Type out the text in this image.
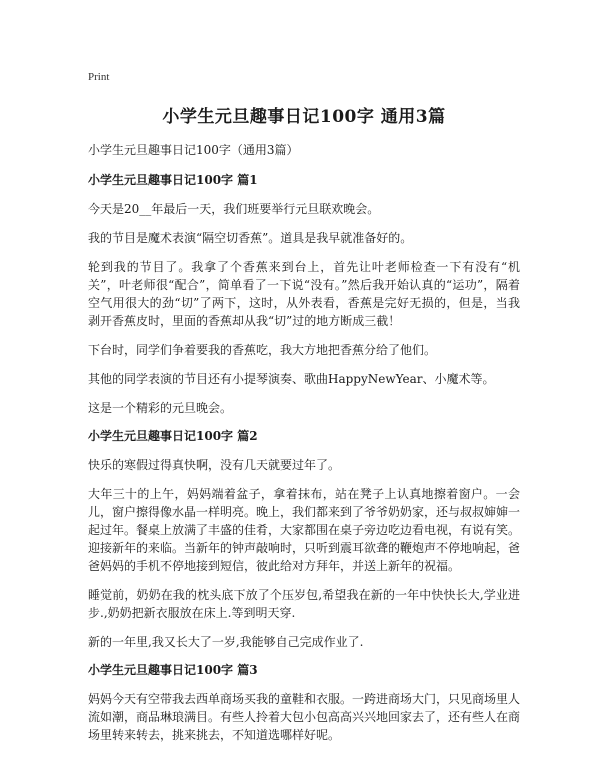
Print
小学生元旦趣事日记100字 通用3篇
小学生元旦趣事日记100字（通用3篇）
小学生元旦趣事日记100字 篇1

今天是20__年最后一天，我们班要举行元旦联欢晚会。

我的节目是魔术表演“隔空切香蕉”。道具是我早就准备好的。

轮到我的节目了。我拿了个香蕉来到台上，首先让叶老师检查一下有没有“机关”，叶老师很“配合”，简单看了一下说“没有。”然后我开始认真的“运功”，隔着空气用很大的劲“切”了两下，这时，从外表看，香蕉是完好无损的，但是，当我剥开香蕉皮时，里面的香蕉却从我“切”过的地方断成三截！

下台时，同学们争着要我的香蕉吃，我大方地把香蕉分给了他们。

其他的同学表演的节目还有小提琴演奏、歌曲HappyNewYear、小魔术等。

这是一个精彩的元旦晚会。

小学生元旦趣事日记100字 篇2

快乐的寒假过得真快啊，没有几天就要过年了。

大年三十的上午，妈妈端着盆子，拿着抹布，站在凳子上认真地擦着窗户。一会儿，窗户擦得像水晶一样明亮。晚上，我们都来到了爷爷奶奶家，还与叔叔婶婶一起过年。餐桌上放满了丰盛的佳肴，大家都围在桌子旁边吃边看电视，有说有笑。迎接新年的来临。当新年的钟声敲响时，只听到震耳欲聋的鞭炮声不停地响起，爸爸妈妈的手机不停地接到短信，彼此给对方拜年，并送上新年的祝福。

睡觉前，奶奶在我的枕头底下放了个压岁包,希望我在新的一年中快快长大,学业进步.,奶奶把新衣服放在床上.等到明天穿.

新的一年里,我又长大了一岁,我能够自己完成作业了.

小学生元旦趣事日记100字 篇3

妈妈今天有空带我去西单商场买我的童鞋和衣服。一跨进商场大门，只见商场里人流如潮，商品琳琅满目。有些人拎着大包小包高高兴兴地回家去了，还有些人在商场里转来转去，挑来挑去，不知道选哪样好呢。
